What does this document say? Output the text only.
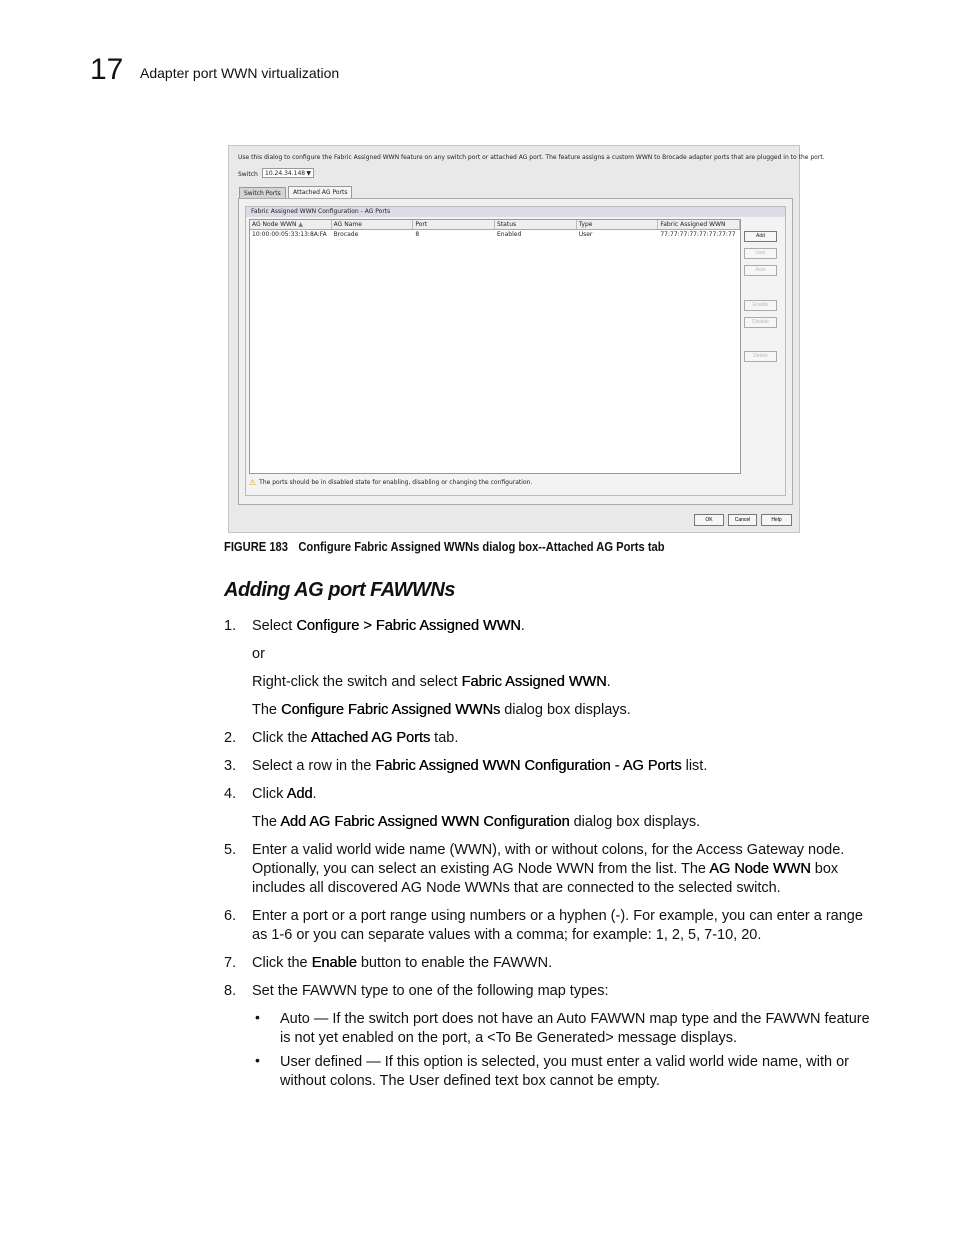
17 Adapter port WWN virtualization
Use this dialog to configure the Fabric Assigned WWN feature on any switch port or attached AG port. The feature assigns a custom WWN to Brocade adapter ports that are plugged in to the port.
Switch 10.24.34.148 ▼
Switch Ports	Attached AG Ports
Fabric Assigned WWN Configuration - AG Ports
AG Node WWN ▲	AG Name	Port	Status	Type	Fabric Assigned WWN
10:00:00:05:33:13:8A:FA	Brocade	8	Enabled	User	77:77:77:77:77:77:77:77	Add
User
Auto
Enable
Disable
Delete
⚠ The ports should be in disabled state for enabling, disabling or changing the configuration.
OK	Cancel	Help
FIGURE 183 Configure Fabric Assigned WWNs dialog box--Attached AG Ports tab
Adding AG port FAWWNs
1. Select Configure > Fabric Assigned WWN.
or
Right-click the switch and select Fabric Assigned WWN.
The Configure Fabric Assigned WWNs dialog box displays.
2. Click the Attached AG Ports tab.
3. Select a row in the Fabric Assigned WWN Configuration - AG Ports list.
4. Click Add.
The Add AG Fabric Assigned WWN Configuration dialog box displays.
5. Enter a valid world wide name (WWN), with or without colons, for the Access Gateway node.
Optionally, you can select an existing AG Node WWN from the list. The AG Node WWN box
includes all discovered AG Node WWNs that are connected to the selected switch.
6. Enter a port or a port range using numbers or a hyphen (-). For example, you can enter a range
as 1-6 or you can separate values with a comma; for example: 1, 2, 5, 7-10, 20.
7. Click the Enable button to enable the FAWWN.
8. Set the FAWWN type to one of the following map types:
• Auto — If the switch port does not have an Auto FAWWN map type and the FAWWN feature
is not yet enabled on the port, a <To Be Generated> message displays.
• User defined — If this option is selected, you must enter a valid world wide name, with or
without colons. The User defined text box cannot be empty.
